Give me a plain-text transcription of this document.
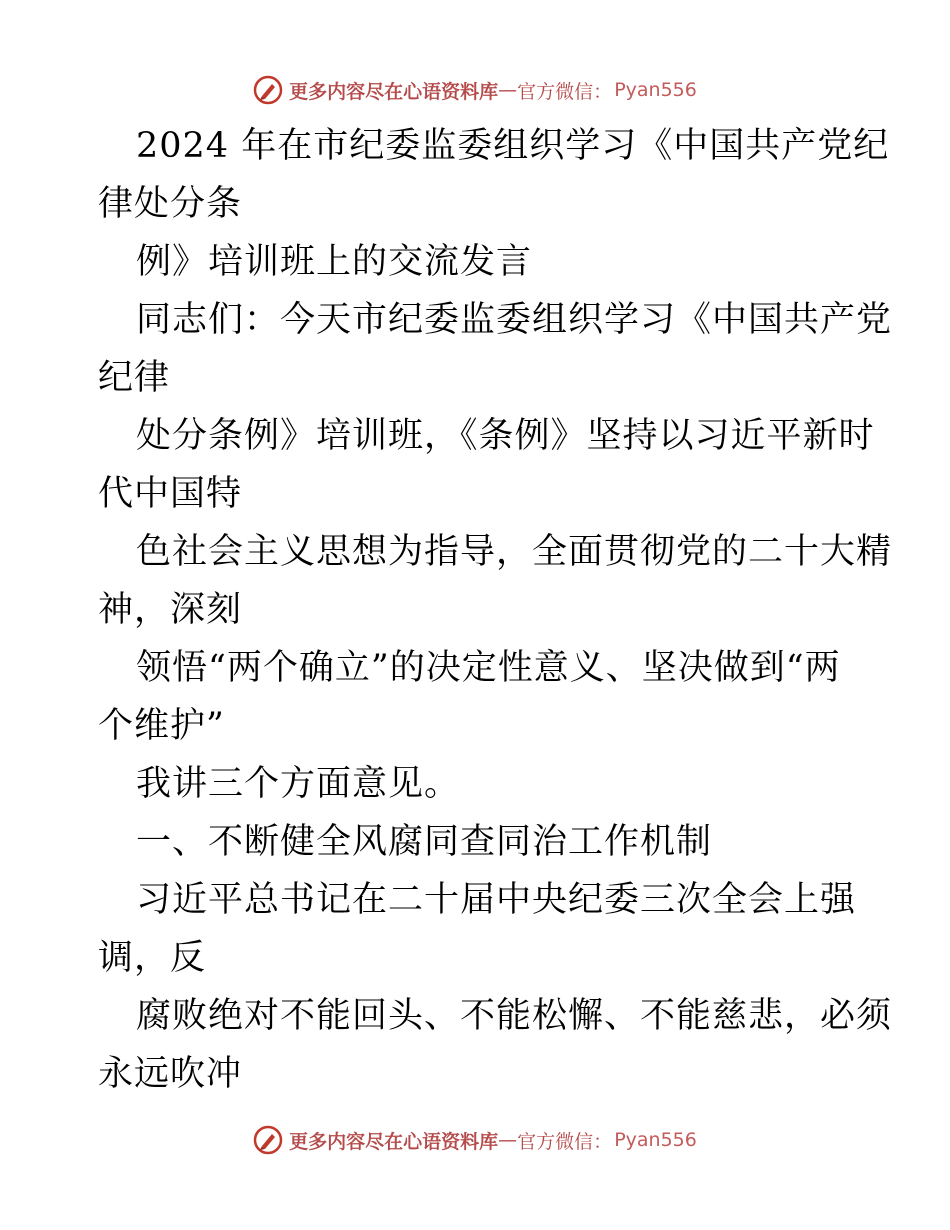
更多内容尽在心语资料库 — 官方微信： Pyan556
2024 年在市纪委监委组织学习《中国共产党纪
律处分条
例》培训班上的交流发言
同志们：今天市纪委监委组织学习《中国共产党
纪律
处分条例》培训班，《条例》坚持以习近平新时
代中国特
色社会主义思想为指导，全面贯彻党的二十大精
神，深刻
领悟“两个确立”的决定性意义、坚决做到“两
个维护”
我讲三个方面意见。
一、不断健全风腐同查同治工作机制
习近平总书记在二十届中央纪委三次全会上强
调，反
腐败绝对不能回头、不能松懈、不能慈悲，必须
永远吹冲
更多内容尽在心语资料库 — 官方微信： Pyan556
